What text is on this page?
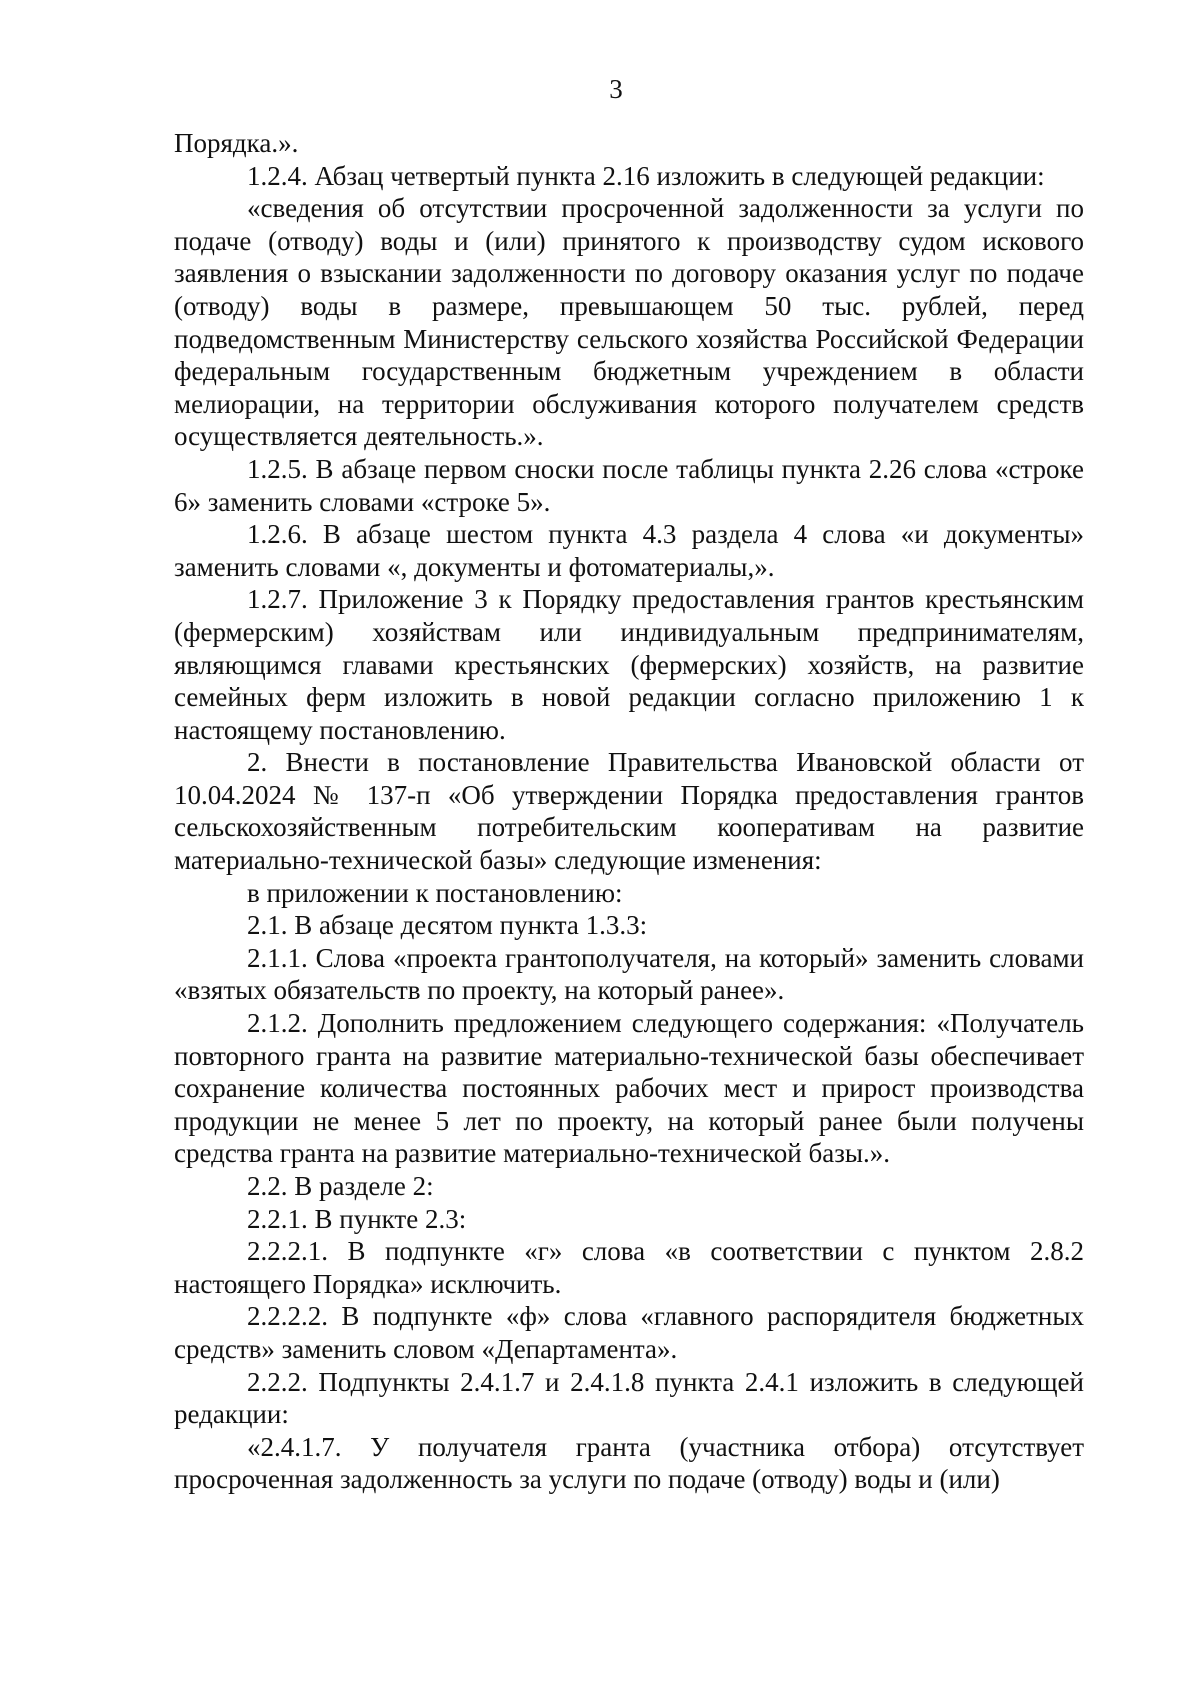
3

Порядка.».

1.2.4. Абзац четвертый пункта 2.16 изложить в следующей редакции:

«сведения об отсутствии просроченной задолженности за услуги по подаче (отводу) воды и (или) принятого к производству судом искового заявления о взыскании задолженности по договору оказания услуг по подаче (отводу) воды в размере, превышающем 50 тыс. рублей, перед подведомственным Министерству сельского хозяйства Российской Федерации федеральным государственным бюджетным учреждением в области мелиорации, на территории обслуживания которого получателем средств осуществляется деятельность.».

1.2.5. В абзаце первом сноски после таблицы пункта 2.26 слова «строке 6» заменить словами «строке 5».

1.2.6. В абзаце шестом пункта 4.3 раздела 4 слова «и документы» заменить словами «, документы и фотоматериалы,».

1.2.7. Приложение 3 к Порядку предоставления грантов крестьянским (фермерским) хозяйствам или индивидуальным предпринимателям, являющимся главами крестьянских (фермерских) хозяйств, на развитие семейных ферм изложить в новой редакции согласно приложению 1 к настоящему постановлению.

2. Внести в постановление Правительства Ивановской области от 10.04.2024 № 137-п «Об утверждении Порядка предоставления грантов сельскохозяйственным потребительским кооперативам на развитие материально-технической базы» следующие изменения:

в приложении к постановлению:

2.1. В абзаце десятом пункта 1.3.3:

2.1.1. Слова «проекта грантополучателя, на который» заменить словами «взятых обязательств по проекту, на который ранее».

2.1.2. Дополнить предложением следующего содержания: «Получатель повторного гранта на развитие материально-технической базы обеспечивает сохранение количества постоянных рабочих мест и прирост производства продукции не менее 5 лет по проекту, на который ранее были получены средства гранта на развитие материально-технической базы.».

2.2. В разделе 2:

2.2.1. В пункте 2.3:

2.2.2.1. В подпункте «г» слова «в соответствии с пунктом 2.8.2 настоящего Порядка» исключить.

2.2.2.2. В подпункте «ф» слова «главного распорядителя бюджетных средств» заменить словом «Департамента».

2.2.2. Подпункты 2.4.1.7 и 2.4.1.8 пункта 2.4.1 изложить в следующей редакции:

«2.4.1.7. У получателя гранта (участника отбора) отсутствует просроченная задолженность за услуги по подаче (отводу) воды и (или)
